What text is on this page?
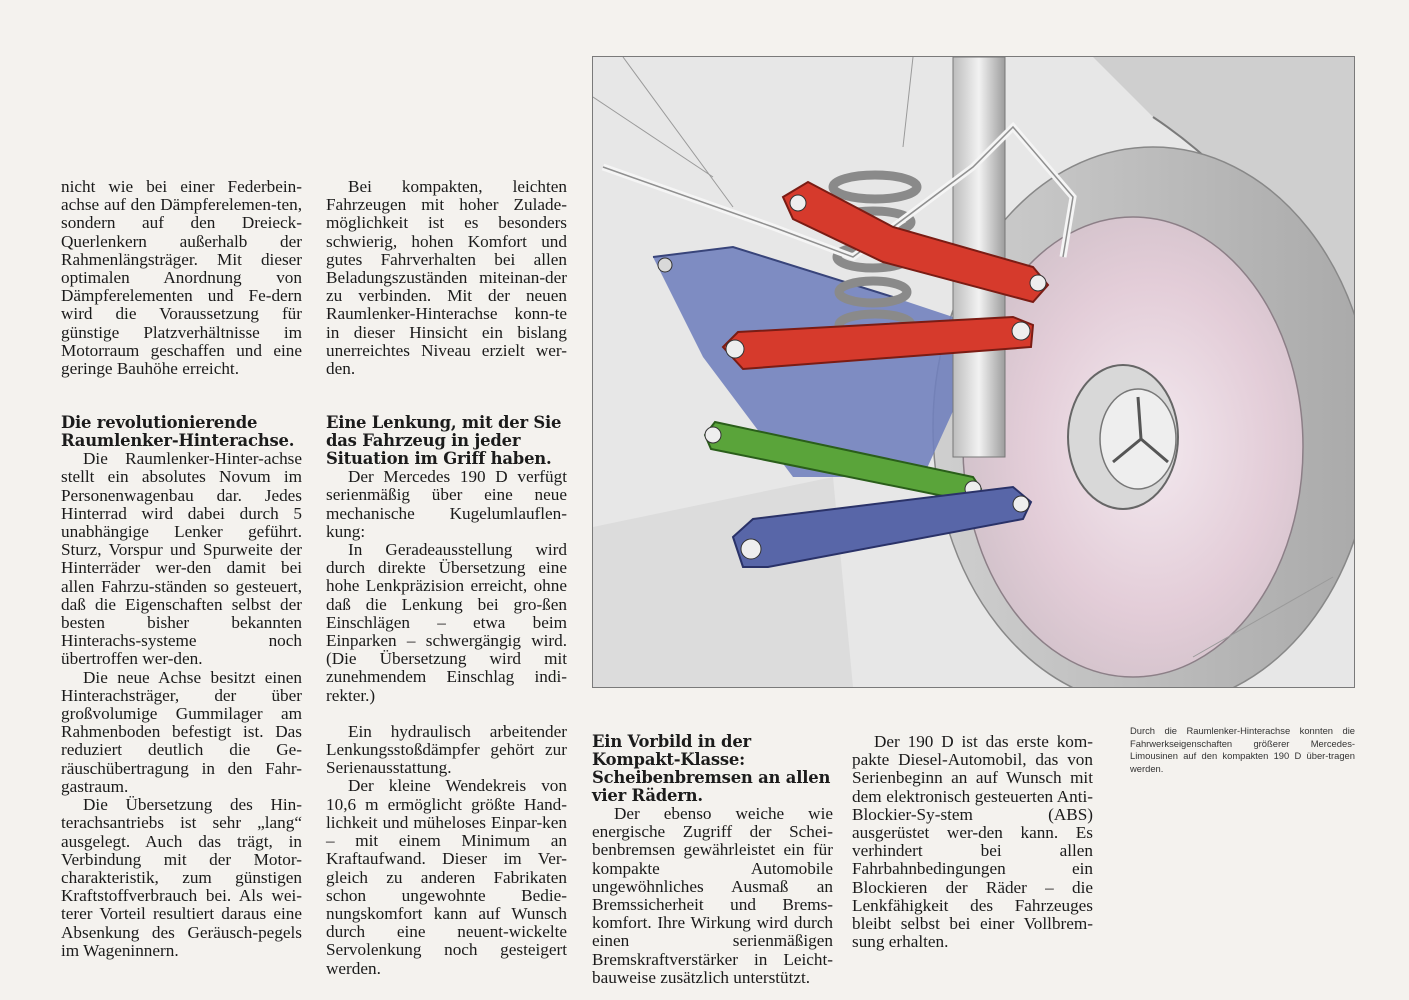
nicht wie bei einer Federbein-achse auf den Dämpferelemen-ten, sondern auf den Dreieck-Querlenkern außerhalb der Rahmenlängsträger. Mit dieser optimalen Anordnung von Dämpferelementen und Fe-dern wird die Voraussetzung für günstige Platzverhältnisse im Motorraum geschaffen und eine geringe Bauhöhe erreicht.

Die revolutionierende Raumlenker-Hinterachse.

Die Raumlenker-Hinter-achse stellt ein absolutes Novum im Personenwagenbau dar. Jedes Hinterrad wird dabei durch 5 unabhängige Lenker geführt. Sturz, Vorspur und Spurweite der Hinterräder wer-den damit bei allen Fahrzu-ständen so gesteuert, daß die Eigenschaften selbst der besten bisher bekannten Hinterachs-systeme noch übertroffen wer-den.

Die neue Achse besitzt einen Hinterachsträger, der über großvolumige Gummilager am Rahmenboden befestigt ist. Das reduziert deutlich die Ge-räuschübertragung in den Fahr-gastraum.

Die Übersetzung des Hin-terachsantriebs ist sehr „lang“ ausgelegt. Auch das trägt, in Verbindung mit der Motor-charakteristik, zum günstigen Kraftstoffverbrauch bei. Als wei-terer Vorteil resultiert daraus eine Absenkung des Geräusch-pegels im Wageninnern.

Bei kompakten, leichten Fahrzeugen mit hoher Zulade-möglichkeit ist es besonders schwierig, hohen Komfort und gutes Fahrverhalten bei allen Beladungszuständen miteinan-der zu verbinden. Mit der neuen Raumlenker-Hinterachse konn-te in dieser Hinsicht ein bislang unerreichtes Niveau erzielt wer-den.

Eine Lenkung, mit der Sie das Fahrzeug in jeder Situation im Griff haben.

Der Mercedes 190 D verfügt serienmäßig über eine neue mechanische Kugelumlauflen-kung:

In Geradeausstellung wird durch direkte Übersetzung eine hohe Lenkpräzision erreicht, ohne daß die Lenkung bei gro-ßen Einschlägen – etwa beim Einparken – schwergängig wird. (Die Übersetzung wird mit zunehmendem Einschlag indi-rekter.)

Ein hydraulisch arbeitender Lenkungsstoßdämpfer gehört zur Serienausstattung.

Der kleine Wendekreis von 10,6 m ermöglicht größte Hand-lichkeit und müheloses Einpar-ken – mit einem Minimum an Kraftaufwand. Dieser im Ver-gleich zu anderen Fabrikaten schon ungewohnte Bedie-nungskomfort kann auf Wunsch durch eine neuent-wickelte Servolenkung noch gesteigert werden.

Ein Vorbild in der Kompakt-Klasse: Scheibenbremsen an allen vier Rädern.

Der ebenso weiche wie energische Zugriff der Schei-benbremsen gewährleistet ein für kompakte Automobile ungewöhnliches Ausmaß an Bremssicherheit und Brems-komfort. Ihre Wirkung wird durch einen serienmäßigen Bremskraftverstärker in Leicht-bauweise zusätzlich unterstützt.

Der 190 D ist das erste kom-pakte Diesel-Automobil, das von Serienbeginn an auf Wunsch mit dem elektronisch gesteuerten Anti-Blockier-Sy-stem (ABS) ausgerüstet wer-den kann. Es verhindert bei allen Fahrbahnbedingungen ein Blockieren der Räder – die Lenkfähigkeit des Fahrzeuges bleibt selbst bei einer Vollbrem-sung erhalten.

Durch die Raumlenker-Hinterachse konnten die Fahrwerkseigenschaften größerer Mercedes-Limousinen auf den kompakten 190 D über-tragen werden.
